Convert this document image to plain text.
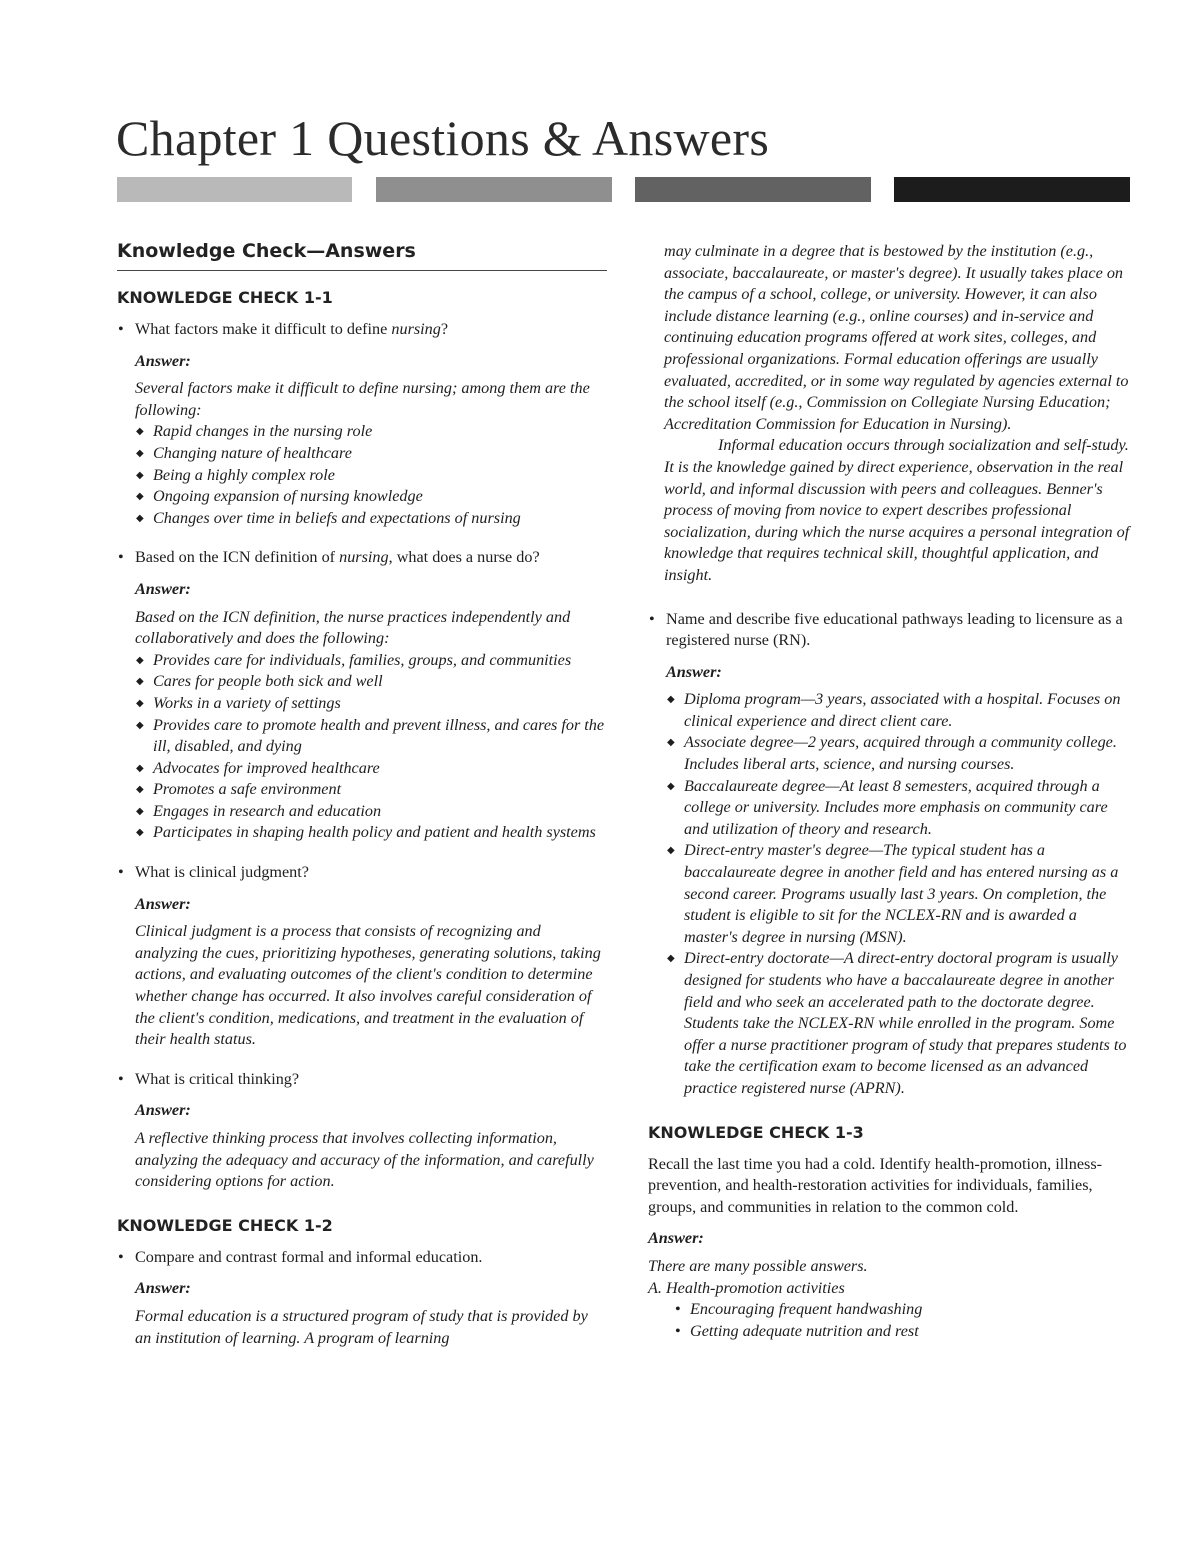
Chapter 1 Questions & Answers
Knowledge Check—Answers
KNOWLEDGE CHECK 1-1
• What factors make it difficult to define nursing?
Answer:

Several factors make it difficult to define nursing; among them are the following:

◆ Rapid changes in the nursing role
◆ Changing nature of healthcare
◆ Being a highly complex role
◆ Ongoing expansion of nursing knowledge
◆ Changes over time in beliefs and expectations of nursing
• Based on the ICN definition of nursing, what does a nurse do?
Answer:

Based on the ICN definition, the nurse practices independently and collaboratively and does the following:

◆ Provides care for individuals, families, groups, and communities
◆ Cares for people both sick and well
◆ Works in a variety of settings
◆ Provides care to promote health and prevent illness, and cares for the ill, disabled, and dying
◆ Advocates for improved healthcare
◆ Promotes a safe environment
◆ Engages in research and education
◆ Participates in shaping health policy and patient and health systems
• What is clinical judgment?
Answer:

Clinical judgment is a process that consists of recognizing and analyzing the cues, prioritizing hypotheses, generating solutions, taking actions, and evaluating outcomes of the client's condition to determine whether change has occurred. It also involves careful consideration of the client's condition, medications, and treatment in the evaluation of their health status.

• What is critical thinking?
Answer:

A reflective thinking process that involves collecting information, analyzing the adequacy and accuracy of the information, and carefully considering options for action.

KNOWLEDGE CHECK 1-2
• Compare and contrast formal and informal education.
Answer:

Formal education is a structured program of study that is provided by an institution of learning. A program of learning

may culminate in a degree that is bestowed by the institution (e.g., associate, baccalaureate, or master's degree). It usually takes place on the campus of a school, college, or university. However, it can also include distance learning (e.g., online courses) and in-service and continuing education programs offered at work sites, colleges, and professional organizations. Formal education offerings are usually evaluated, accredited, or in some way regulated by agencies external to the school itself (e.g., Commission on Collegiate Nursing Education; Accreditation Commission for Education in Nursing).

Informal education occurs through socialization and self-study. It is the knowledge gained by direct experience, observation in the real world, and informal discussion with peers and colleagues. Benner's process of moving from novice to expert describes professional socialization, during which the nurse acquires a personal integration of knowledge that requires technical skill, thoughtful application, and insight.

• Name and describe five educational pathways leading to licensure as a registered nurse (RN).
Answer:
◆ Diploma program—3 years, associated with a hospital. Focuses on clinical experience and direct client care.
◆ Associate degree—2 years, acquired through a community college. Includes liberal arts, science, and nursing courses.
◆ Baccalaureate degree—At least 8 semesters, acquired through a college or university. Includes more emphasis on community care and utilization of theory and research.
◆ Direct-entry master's degree—The typical student has a baccalaureate degree in another field and has entered nursing as a second career. Programs usually last 3 years. On completion, the student is eligible to sit for the NCLEX-RN and is awarded a master's degree in nursing (MSN).
◆ Direct-entry doctorate—A direct-entry doctoral program is usually designed for students who have a baccalaureate degree in another field and who seek an accelerated path to the doctorate degree. Students take the NCLEX-RN while enrolled in the program. Some offer a nurse practitioner program of study that prepares students to take the certification exam to become licensed as an advanced practice registered nurse (APRN).
KNOWLEDGE CHECK 1-3

Recall the last time you had a cold. Identify health-promotion, illness-prevention, and health-restoration activities for individuals, families, groups, and communities in relation to the common cold.

Answer:

There are many possible answers.

A. Health-promotion activities

• Encouraging frequent handwashing
• Getting adequate nutrition and rest
